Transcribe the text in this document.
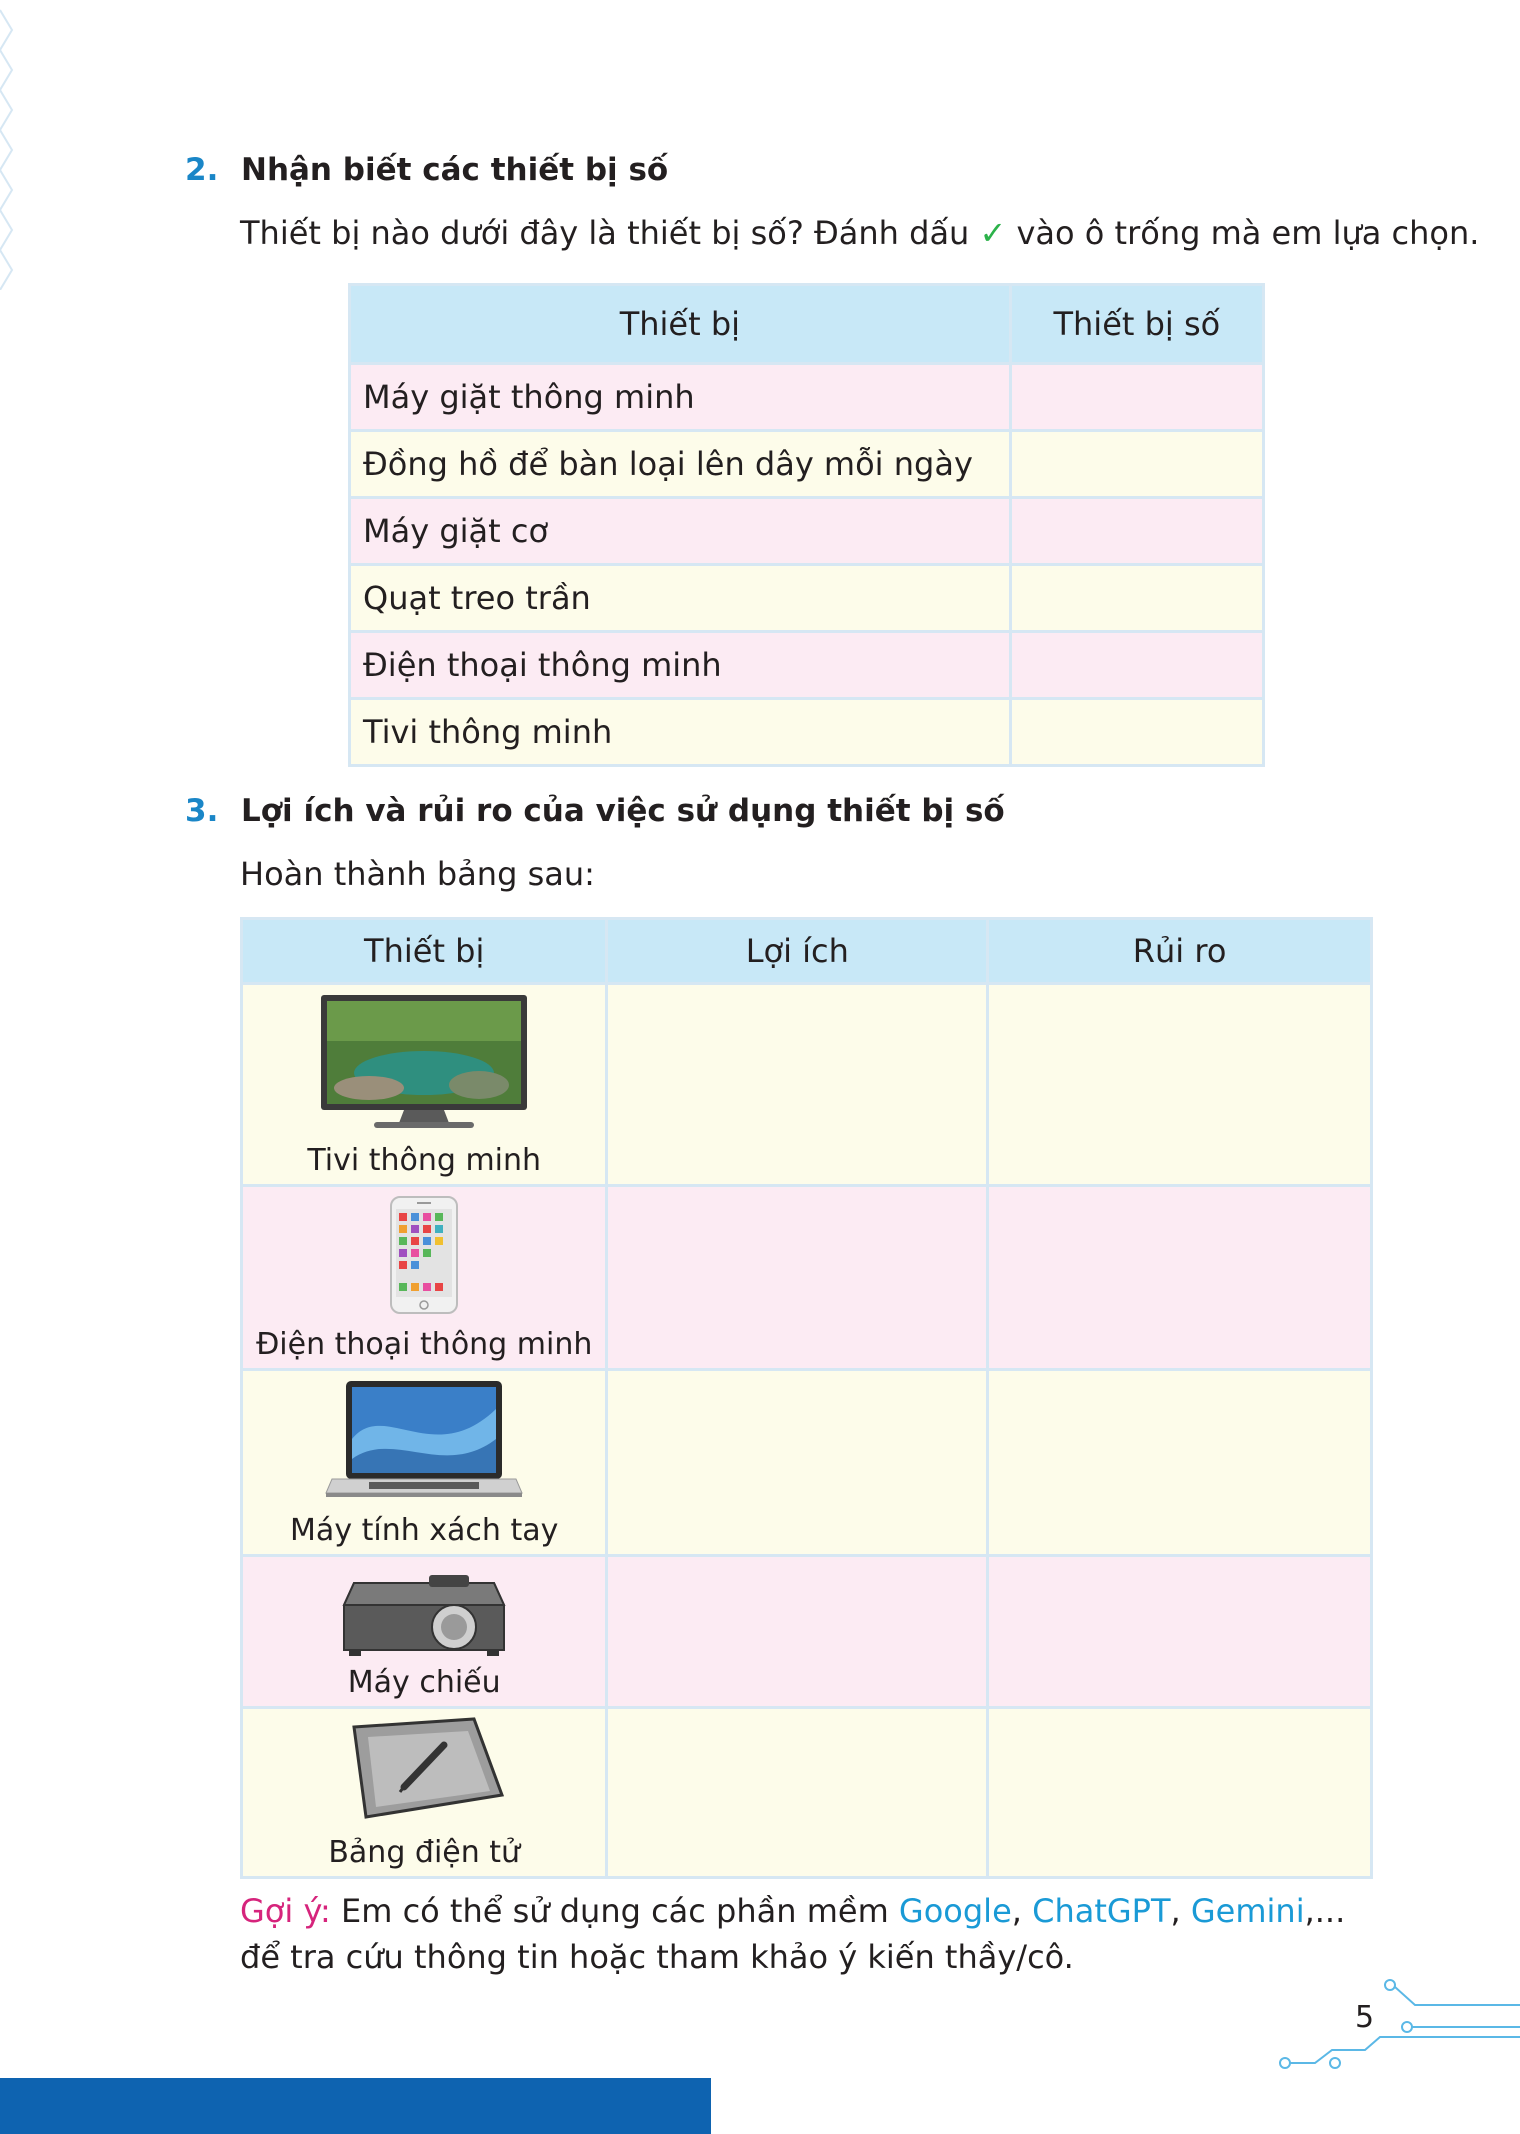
2. Nhận biết các thiết bị số
Thiết bị nào dưới đây là thiết bị số? Đánh dấu ✓ vào ô trống mà em lựa chọn.
Thiết bị	Thiết bị số
Máy giặt thông minh	
Đồng hồ để bàn loại lên dây mỗi ngày	
Máy giặt cơ	
Quạt treo trần	
Điện thoại thông minh	
Tivi thông minh	
3. Lợi ích và rủi ro của việc sử dụng thiết bị số
Hoàn thành bảng sau:
Thiết bị	Lợi ích	Rủi ro

Tivi thông minh		

Điện thoại thông minh		

Máy tính xách tay		

Máy chiếu		

Bảng điện tử		

Gợi ý: Em có thể sử dụng các phần mềm Google, ChatGPT, Gemini,... để tra cứu thông tin hoặc tham khảo ý kiến thầy/cô.
5
